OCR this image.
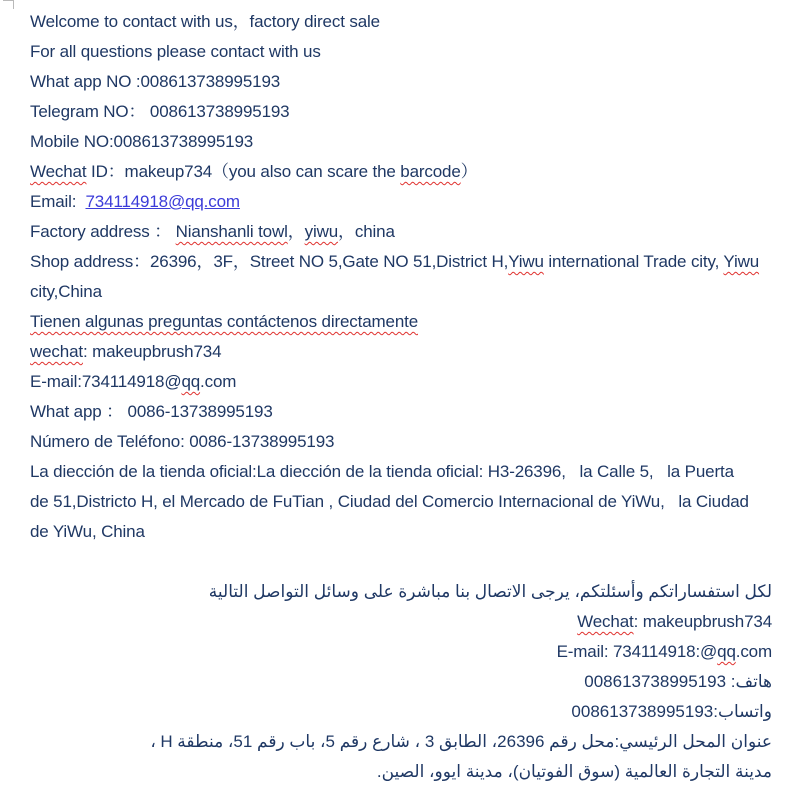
Welcome to contact with us，factory direct sale
For all questions please contact with us
What app NO :008613738995193
Telegram NO： 008613738995193
Mobile NO:008613738995193
Wechat ID：makeup734（you also can scare the barcode）
Email:  734114918@qq.com
Factory address ： Nianshanli towl，yiwu，china
Shop address：26396，3F，Street NO 5,Gate NO 51,District H,Yiwu international Trade city, Yiwu
city,China
Tienen algunas preguntas contáctenos directamente
wechat: makeupbrush734
E-mail:734114918@qq.com
What app ： 0086-13738995193
Número de Teléfono: 0086-13738995193
La diección de la tienda oficial:La diección de la tienda oficial: H3-26396,   la Calle 5,   la Puerta
de 51,Districto H, el Mercado de FuTian , Ciudad del Comercio Internacional de YiWu,   la Ciudad
de YiWu, China
لكل استفساراتكم وأسئلتكم، يرجى الاتصال بنا مباشرة على وسائل التواصل التالية
Wechat: makeupbrush734
E-mail: 734114918:@qq.com
هاتف: 008613738995193
واتساب:008613738995193
عنوان المحل الرئيسي:محل رقم 26396، الطابق 3 ، شارع رقم 5، باب رقم 51، منطقة H ،
مدينة التجارة العالمية (سوق الفوتيان)، مدينة ايوو، الصين.
